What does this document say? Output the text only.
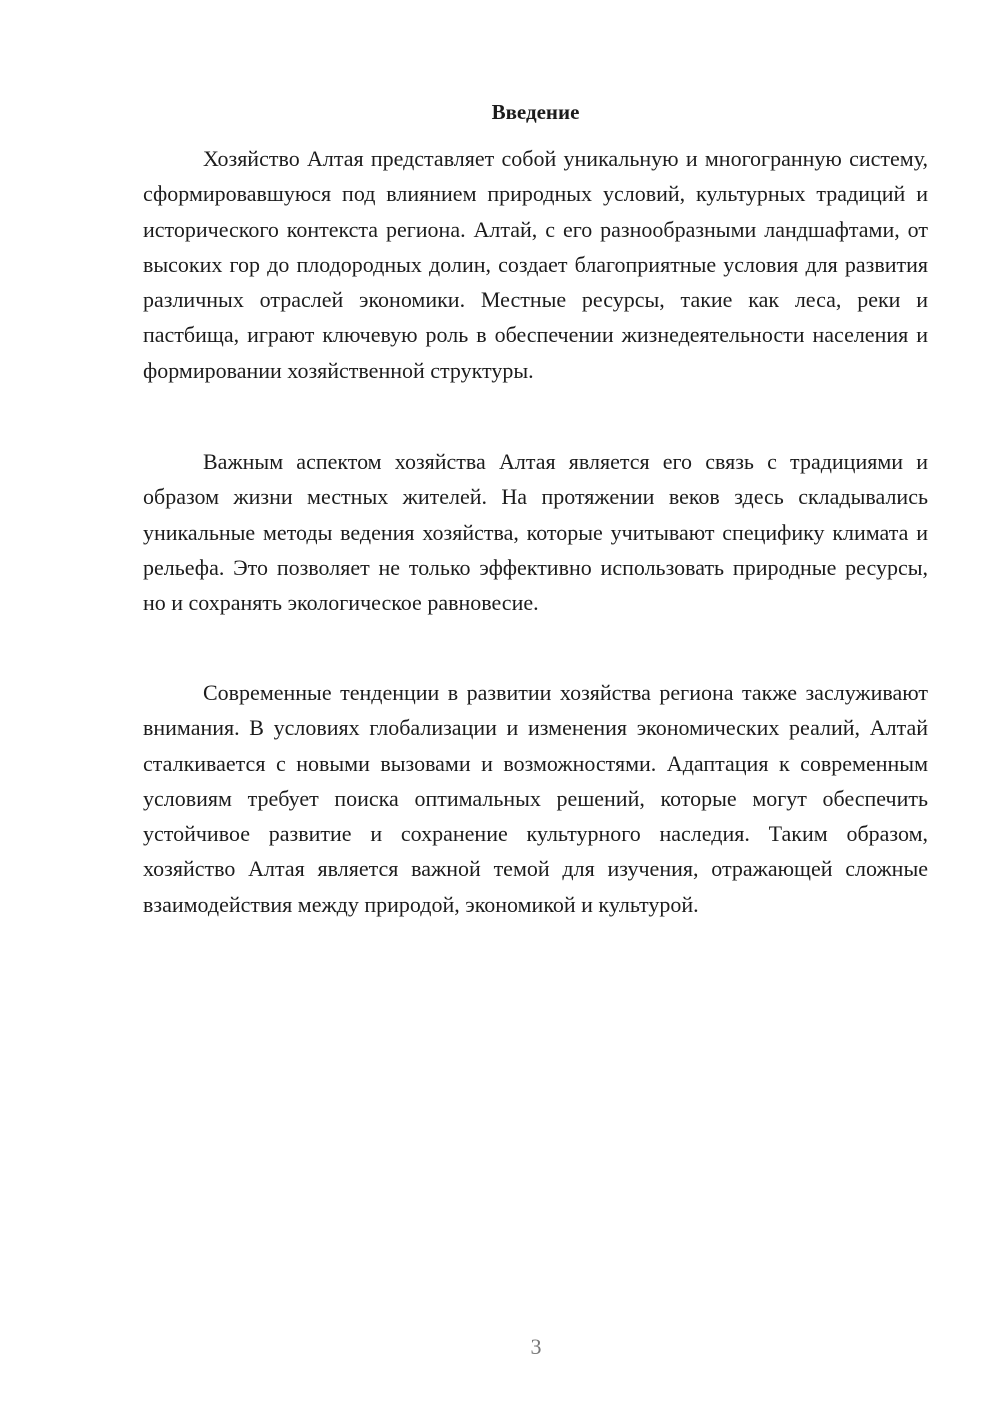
Введение

Хозяйство Алтая представляет собой уникальную и многогранную систему, сформировавшуюся под влиянием природных условий, культурных традиций и исторического контекста региона. Алтай, с его разнообразными ландшафтами, от высоких гор до плодородных долин, создает благоприятные условия для развития различных отраслей экономики. Местные ресурсы, такие как леса, реки и пастбища, играют ключевую роль в обеспечении жизнедеятельности населения и формировании хозяйственной структуры.

Важным аспектом хозяйства Алтая является его связь с традициями и образом жизни местных жителей. На протяжении веков здесь складывались уникальные методы ведения хозяйства, которые учитывают специфику климата и рельефа. Это позволяет не только эффективно использовать природные ресурсы, но и сохранять экологическое равновесие.

Современные тенденции в развитии хозяйства региона также заслуживают внимания. В условиях глобализации и изменения экономических реалий, Алтай сталкивается с новыми вызовами и возможностями. Адаптация к современным условиям требует поиска оптимальных решений, которые могут обеспечить устойчивое развитие и сохранение культурного наследия. Таким образом, хозяйство Алтая является важной темой для изучения, отражающей сложные взаимодействия между природой, экономикой и культурой.

3
